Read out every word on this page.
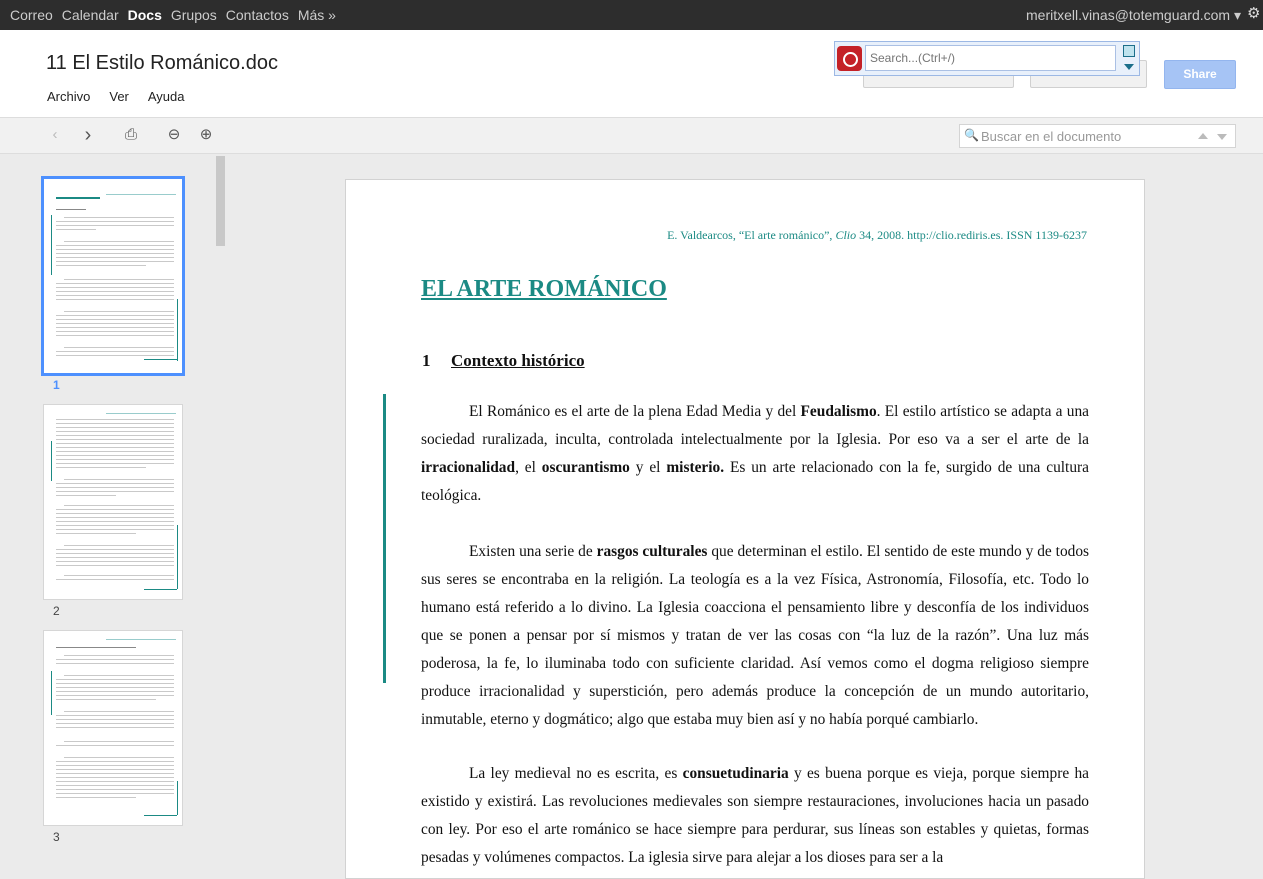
Correo Calendar Docs Grupos Contactos Más »	meritxell.vinas@totemguard.com ▾ ⚙
11 El Estilo Románico.doc
Archivo Ver Ayuda
Share
Search...(Ctrl+/)
‹	›	⎙ ⊖ ⊕	🔍 Buscar en el documento
1
2
3
E. Valdearcos, “El arte románico”, Clio 34, 2008. http://clio.rediris.es. ISSN 1139-6237
EL ARTE ROMÁNICO
1 Contexto histórico
El Románico es el arte de la plena Edad Media y del Feudalismo. El estilo artístico se adapta a una sociedad ruralizada, inculta, controlada intelectualmente por la Iglesia. Por eso va a ser el arte de la irracionalidad, el oscurantismo y el misterio. Es un arte relacionado con la fe, surgido de una cultura teológica.
Existen una serie de rasgos culturales que determinan el estilo. El sentido de este mundo y de todos sus seres se encontraba en la religión. La teología es a la vez Física, Astronomía, Filosofía, etc. Todo lo humano está referido a lo divino. La Iglesia coacciona el pensamiento libre y desconfía de los individuos que se ponen a pensar por sí mismos y tratan de ver las cosas con “la luz de la razón”. Una luz más poderosa, la fe, lo iluminaba todo con suficiente claridad. Así vemos como el dogma religioso siempre produce irracionalidad y superstición, pero además produce la concepción de un mundo autoritario, inmutable, eterno y dogmático; algo que estaba muy bien así y no había porqué cambiarlo.
La ley medieval no es escrita, es consuetudinaria y es buena porque es vieja, porque siempre ha existido y existirá. Las revoluciones medievales son siempre restauraciones, involuciones hacia un pasado con ley. Por eso el arte románico se hace siempre para perdurar, sus líneas son estables y quietas, formas pesadas y volúmenes compactos. La iglesia sirve para alejar a los dioses para ser a la
